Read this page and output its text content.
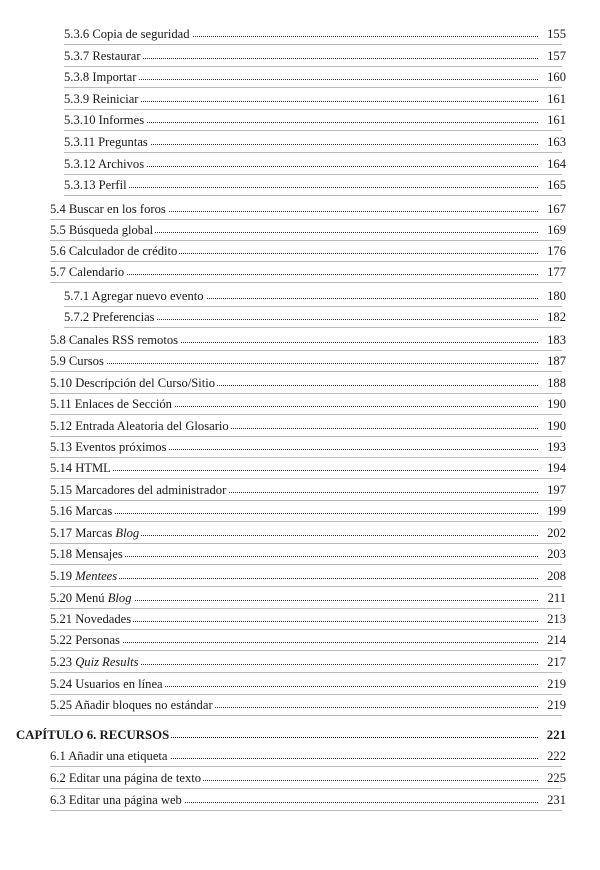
5.3.6 Copia de seguridad	155
5.3.7 Restaurar	157
5.3.8 Importar	160
5.3.9 Reiniciar	161
5.3.10 Informes	161
5.3.11 Preguntas	163
5.3.12 Archivos	164
5.3.13 Perfil	165
5.4 Buscar en los foros	167
5.5 Búsqueda global	169
5.6 Calculador de crédito	176
5.7 Calendario	177
5.7.1 Agregar nuevo evento	180
5.7.2 Preferencias	182
5.8 Canales RSS remotos	183
5.9 Cursos	187
5.10 Descripción del Curso/Sitio	188
5.11 Enlaces de Sección	190
5.12 Entrada Aleatoria del Glosario	190
5.13 Eventos próximos	193
5.14 HTML	194
5.15 Marcadores del administrador	197
5.16 Marcas	199
5.17 Marcas Blog	202
5.18 Mensajes	203
5.19 Mentees	208
5.20 Menú Blog	211
5.21 Novedades	213
5.22 Personas	214
5.23 Quiz Results	217
5.24 Usuarios en línea	219
5.25 Añadir bloques no estándar	219
CAPÍTULO 6. RECURSOS	221
6.1 Añadir una etiqueta	222
6.2 Editar una página de texto	225
6.3 Editar una página web	231
